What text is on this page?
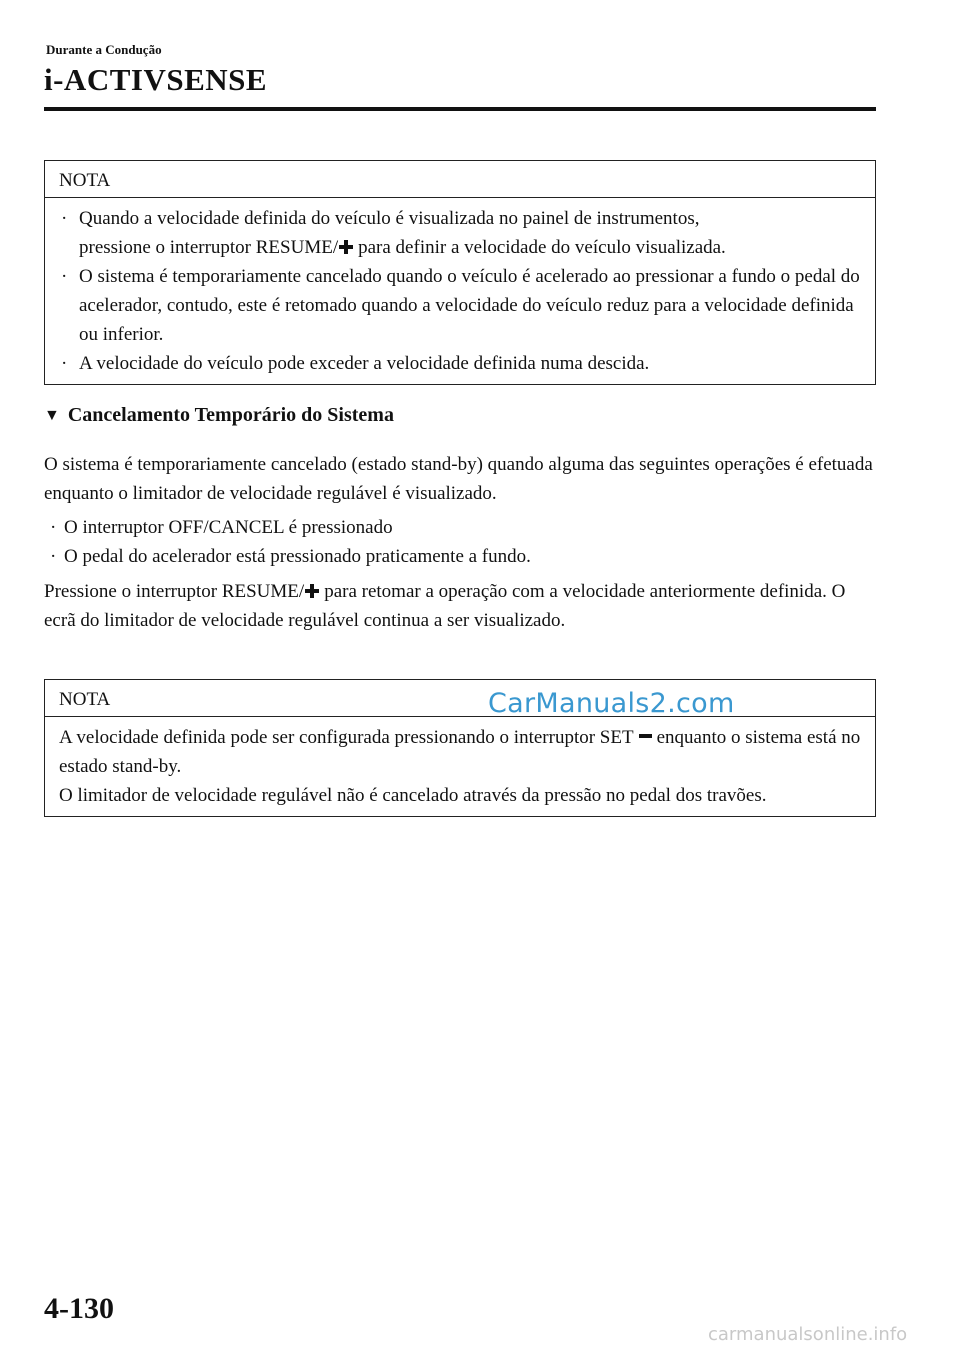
Durante a Condução
i-ACTIVSENSE
NOTA
· Quando a velocidade definida do veículo é visualizada no painel de instrumentos,
pressione o interruptor RESUME/ para definir a velocidade do veículo visualizada.
· O sistema é temporariamente cancelado quando o veículo é acelerado ao pressionar a fundo o pedal do acelerador, contudo, este é retomado quando a velocidade do veículo reduz para a velocidade definida ou inferior.
· A velocidade do veículo pode exceder a velocidade definida numa descida.
▼ Cancelamento Temporário do Sistema
O sistema é temporariamente cancelado (estado stand-by) quando alguma das seguintes operações é efetuada enquanto o limitador de velocidade regulável é visualizado.
· O interruptor OFF/CANCEL é pressionado
· O pedal do acelerador está pressionado praticamente a fundo.
Pressione o interruptor RESUME/ para retomar a operação com a velocidade anteriormente definida. O ecrã do limitador de velocidade regulável continua a ser visualizado.
NOTA

A velocidade definida pode ser configurada pressionando o interruptor SET enquanto o sistema está no estado stand-by.

O limitador de velocidade regulável não é cancelado através da pressão no pedal dos travões.

CarManuals2.com
4-130
carmanualsonline.info
